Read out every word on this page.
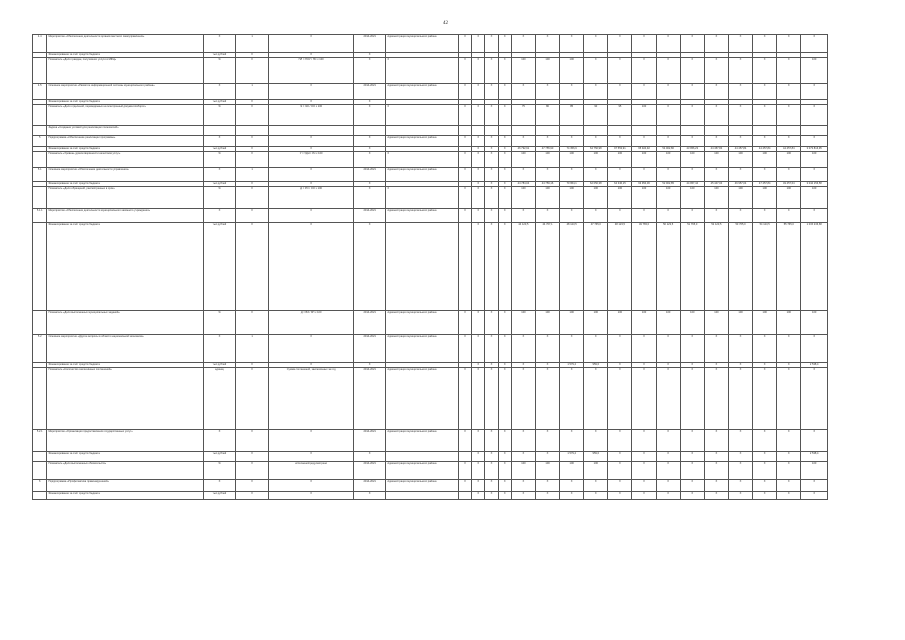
42
4.4	Мероприятие «Обеспечение деятельности органов местного самоуправления»	X	1	X	2014-2021	Администрация муниципального района	X	X	X	X	X	X	X	X	X	X	X	X	X	X	X	X	X
	Финансирование за счёт средств бюджета	тыс.рублей	X	X	X																		
	Показатель «Доля граждан, получивших услуги в МФЦ»	%	X	ПЛ = ПОУ / ПС х 100	X	X	X	X	X	X	100	100	100	X	X	X	X	X	X	X	X	X	100
4.5	Основное мероприятие «Развитие информационной системы муниципального района»	X	1	X	2014-2021	Администрация муниципального района	X	X	X	X	X	X	X	X	X	X	X	X	X	X	X	X	X
	Финансирование за счёт средств бюджета	тыс.рублей	X	X	X																		
	Показатель «Доля отделений, переведённых на электронный документооборот»	%	X	Э = ЭО / ОО х 100	X	X	X	X	X	X	75	80	85	90	95	100	X	X	X	X	X	X	X
	Задача «Создание условий для реализации полномочий»																						
5	Подпрограмма «Обеспечение реализации программы»	X	X	X	X	Администрация муниципального района	X	X	X	X	X	X	X	X	X	X	X	X	X	X	X	X	X
	Финансирование за счёт средств бюджета	тыс.рублей	X	X	X			X	X	X	46 792,91	47 755,90	74 356,9	64 750,98	97 553,91	95 924,92	54 902,80	43 956,23	44 457,84	44 457,84	44 457,84	44 457,84	3 073 816,95
	Показатель «Уровень удовлетворённости качеством услуг»	%	X	У = УДН / ОЧ х 100	X	X	X	X	X	X	100	100	100	100	100	100	100	100	100	100	100	100	100
5.1	Основное мероприятие «Обеспечение деятельности управления»	X	1	X	2014-2021	Администрация муниципального района	X	X	X	X	X	X	X	X	X	X	X	X	X	X	X	X	X
	Финансирование за счёт средств бюджета	тыс.рублей	X	X	X			X	X	X	44 784,04	44 759,16	70 954,1	62 050,38	64 346,15	93 954,06	52 902,85	44 957,44	45 447,04	46 957,04	47 457,84	49 457,64	3 044 156,58
	Показатель «Доля обращений, рассмотренных в срок»	%	X	Д = РО / ОО х 100	X	X	X	X	X	X	100	100	100	100	100	100	100	100	100	100	100	100	100
5.1.1	Мероприятие «Обеспечение деятельности муниципального казённого учреждения»	X	X	X	2014-2021	Администрация муниципального района	X	X	X	X	X	X	X	X	X	X	X	X	X	X	X	X	X
	Финансирование за счёт средств бюджета	тыс.рублей	X	X	X			X	X	X	44 123,5	44 767,1	48 123,5	47 765,0	48 123,5	49 765,0	50 123,5	51 765,0	52 123,5	53 765,0	54 123,5	55 765,0	1 015 236,68
	Показатель «Доля выполненных муниципальных заданий»	%	X	Д = ВЗ / ЗП х 100	2014-2021	Администрация муниципального района	X	X	X	X	100	100	100	100	100	100	100	100	100	100	100	100	100
5.2	Основное мероприятие «Другие вопросы в области национальной экономики»	X	1	X	2014-2021	Администрация муниципального района	X	X	X	X	X	X	X	X	X	X	X	X	X	X	X	X	X
	Финансирование за счёт средств бюджета	тыс.рублей	X	X	X			X	X	X	X	X	1 579,4	959,0	X	X	X	X	X	X	X	X	2 538,4
	Показатель «Количество заключённых соглашений»	единиц	X	Сумма соглашений, заключённых за год	2014-2021	Администрация муниципального района	X	X	X	X	X	X	X	X	X	X	X	X	X	X	X	X	X
5.2.1	Мероприятие «Организация предоставления государственных услуг»	X	X	X	2014-2021	Администрация муниципального района	X	X	X	X	X	X	X	X	X	X	X	X	X	X	X	X	X
	Финансирование за счёт средств бюджета	тыс.рублей	X	X	X			X	X	X	X	X	1 579,4	959,0	X	X	X	X	X	X	X	X	2 538,4
	Показатель «Доля выполненных обязательств»	%	X	исполнено/предусмотрено	2014-2021	Администрация муниципального района	X	X	X	X	100	100	100	100	X	X	X	X	X	X	X	X	100
6	Подпрограмма «Профилактика правонарушений»	X	X	X	2014-2021	Администрация муниципального района	X	X	X	X	X	X	X	X	X	X	X	X	X	X	X	X	X
	Финансирование за счёт средств бюджета	тыс.рублей	X	X	X			X	X	X	X	X	X	X	X	X	X	X	X	X	X	X	X
